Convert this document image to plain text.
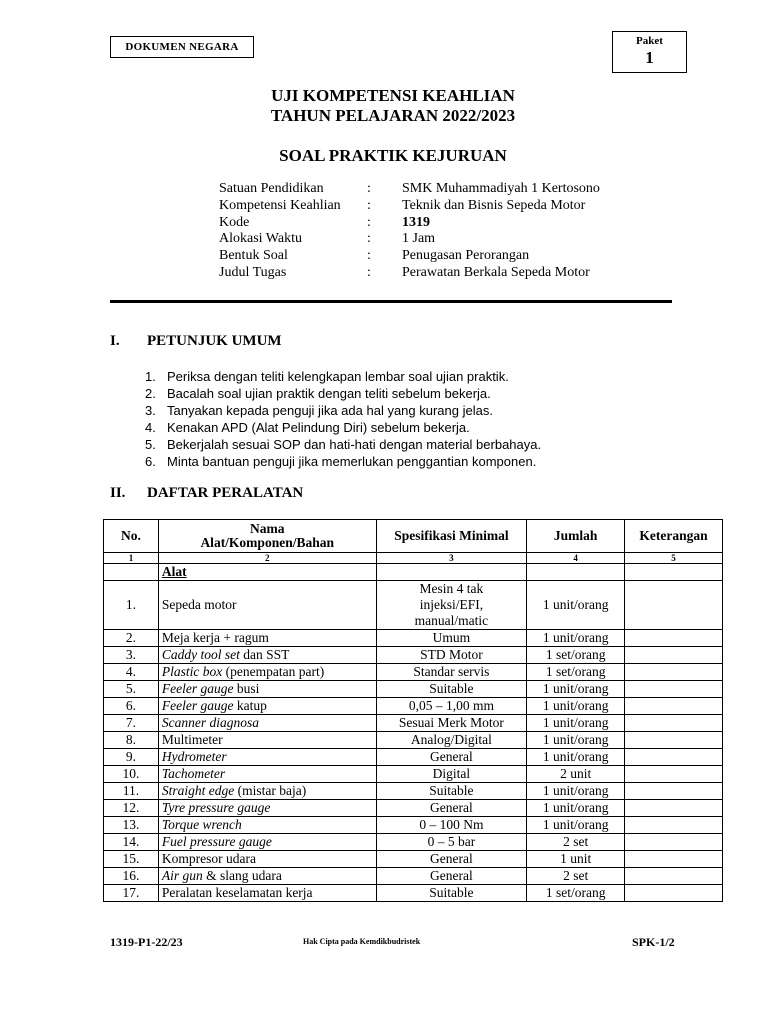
DOKUMEN NEGARA	Paket
1
UJI KOMPETENSI KEAHLIAN
TAHUN PELAJARAN 2022/2023
SOAL PRAKTIK KEJURUAN
Satuan Pendidikan	: SMK Muhammadiyah 1 Kertosono
Kompetensi Keahlian : Teknik dan Bisnis Sepeda Motor
Kode	: 1319
Alokasi Waktu	: 1 Jam
Bentuk Soal	: Penugasan Perorangan
Judul Tugas	: Perawatan Berkala Sepeda Motor
I. PETUNJUK UMUM
1. Periksa dengan teliti kelengkapan lembar soal ujian praktik.
2. Bacalah soal ujian praktik dengan teliti sebelum bekerja.
3. Tanyakan kepada penguji jika ada hal yang kurang jelas.
4. Kenakan APD (Alat Pelindung Diri) sebelum bekerja.
5. Bekerjalah sesuai SOP dan hati-hati dengan material berbahaya.
6. Minta bantuan penguji jika memerlukan penggantian komponen.
II. DAFTAR PERALATAN
No.	Nama
Alat/Komponen/Bahan	Spesifikasi Minimal	Jumlah	Keterangan
1	2	3	4	5
	Alat			
1.	Sepeda motor	Mesin 4 tak
injeksi/EFI,
manual/matic	1 unit/orang	
2.	Meja kerja + ragum	Umum	1 unit/orang	
3.	Caddy tool set dan SST	STD Motor	1 set/orang	
4.	Plastic box (penempatan part)	Standar servis	1 set/orang	
5.	Feeler gauge busi	Suitable	1 unit/orang	
6.	Feeler gauge katup	0,05 – 1,00 mm	1 unit/orang	
7.	Scanner diagnosa	Sesuai Merk Motor	1 unit/orang	
8.	Multimeter	Analog/Digital	1 unit/orang	
9.	Hydrometer	General	1 unit/orang	
10.	Tachometer	Digital	2 unit	
11.	Straight edge (mistar baja)	Suitable	1 unit/orang	
12.	Tyre pressure gauge	General	1 unit/orang	
13.	Torque wrench	0 – 100 Nm	1 unit/orang	
14.	Fuel pressure gauge	0 – 5 bar	2 set	
15.	Kompresor udara	General	1 unit	
16.	Air gun & slang udara	General	2 set	
17.	Peralatan keselamatan kerja	Suitable	1 set/orang	
1319-P1-22/23	Hak Cipta pada Kemdikbudristek	SPK-1/2
